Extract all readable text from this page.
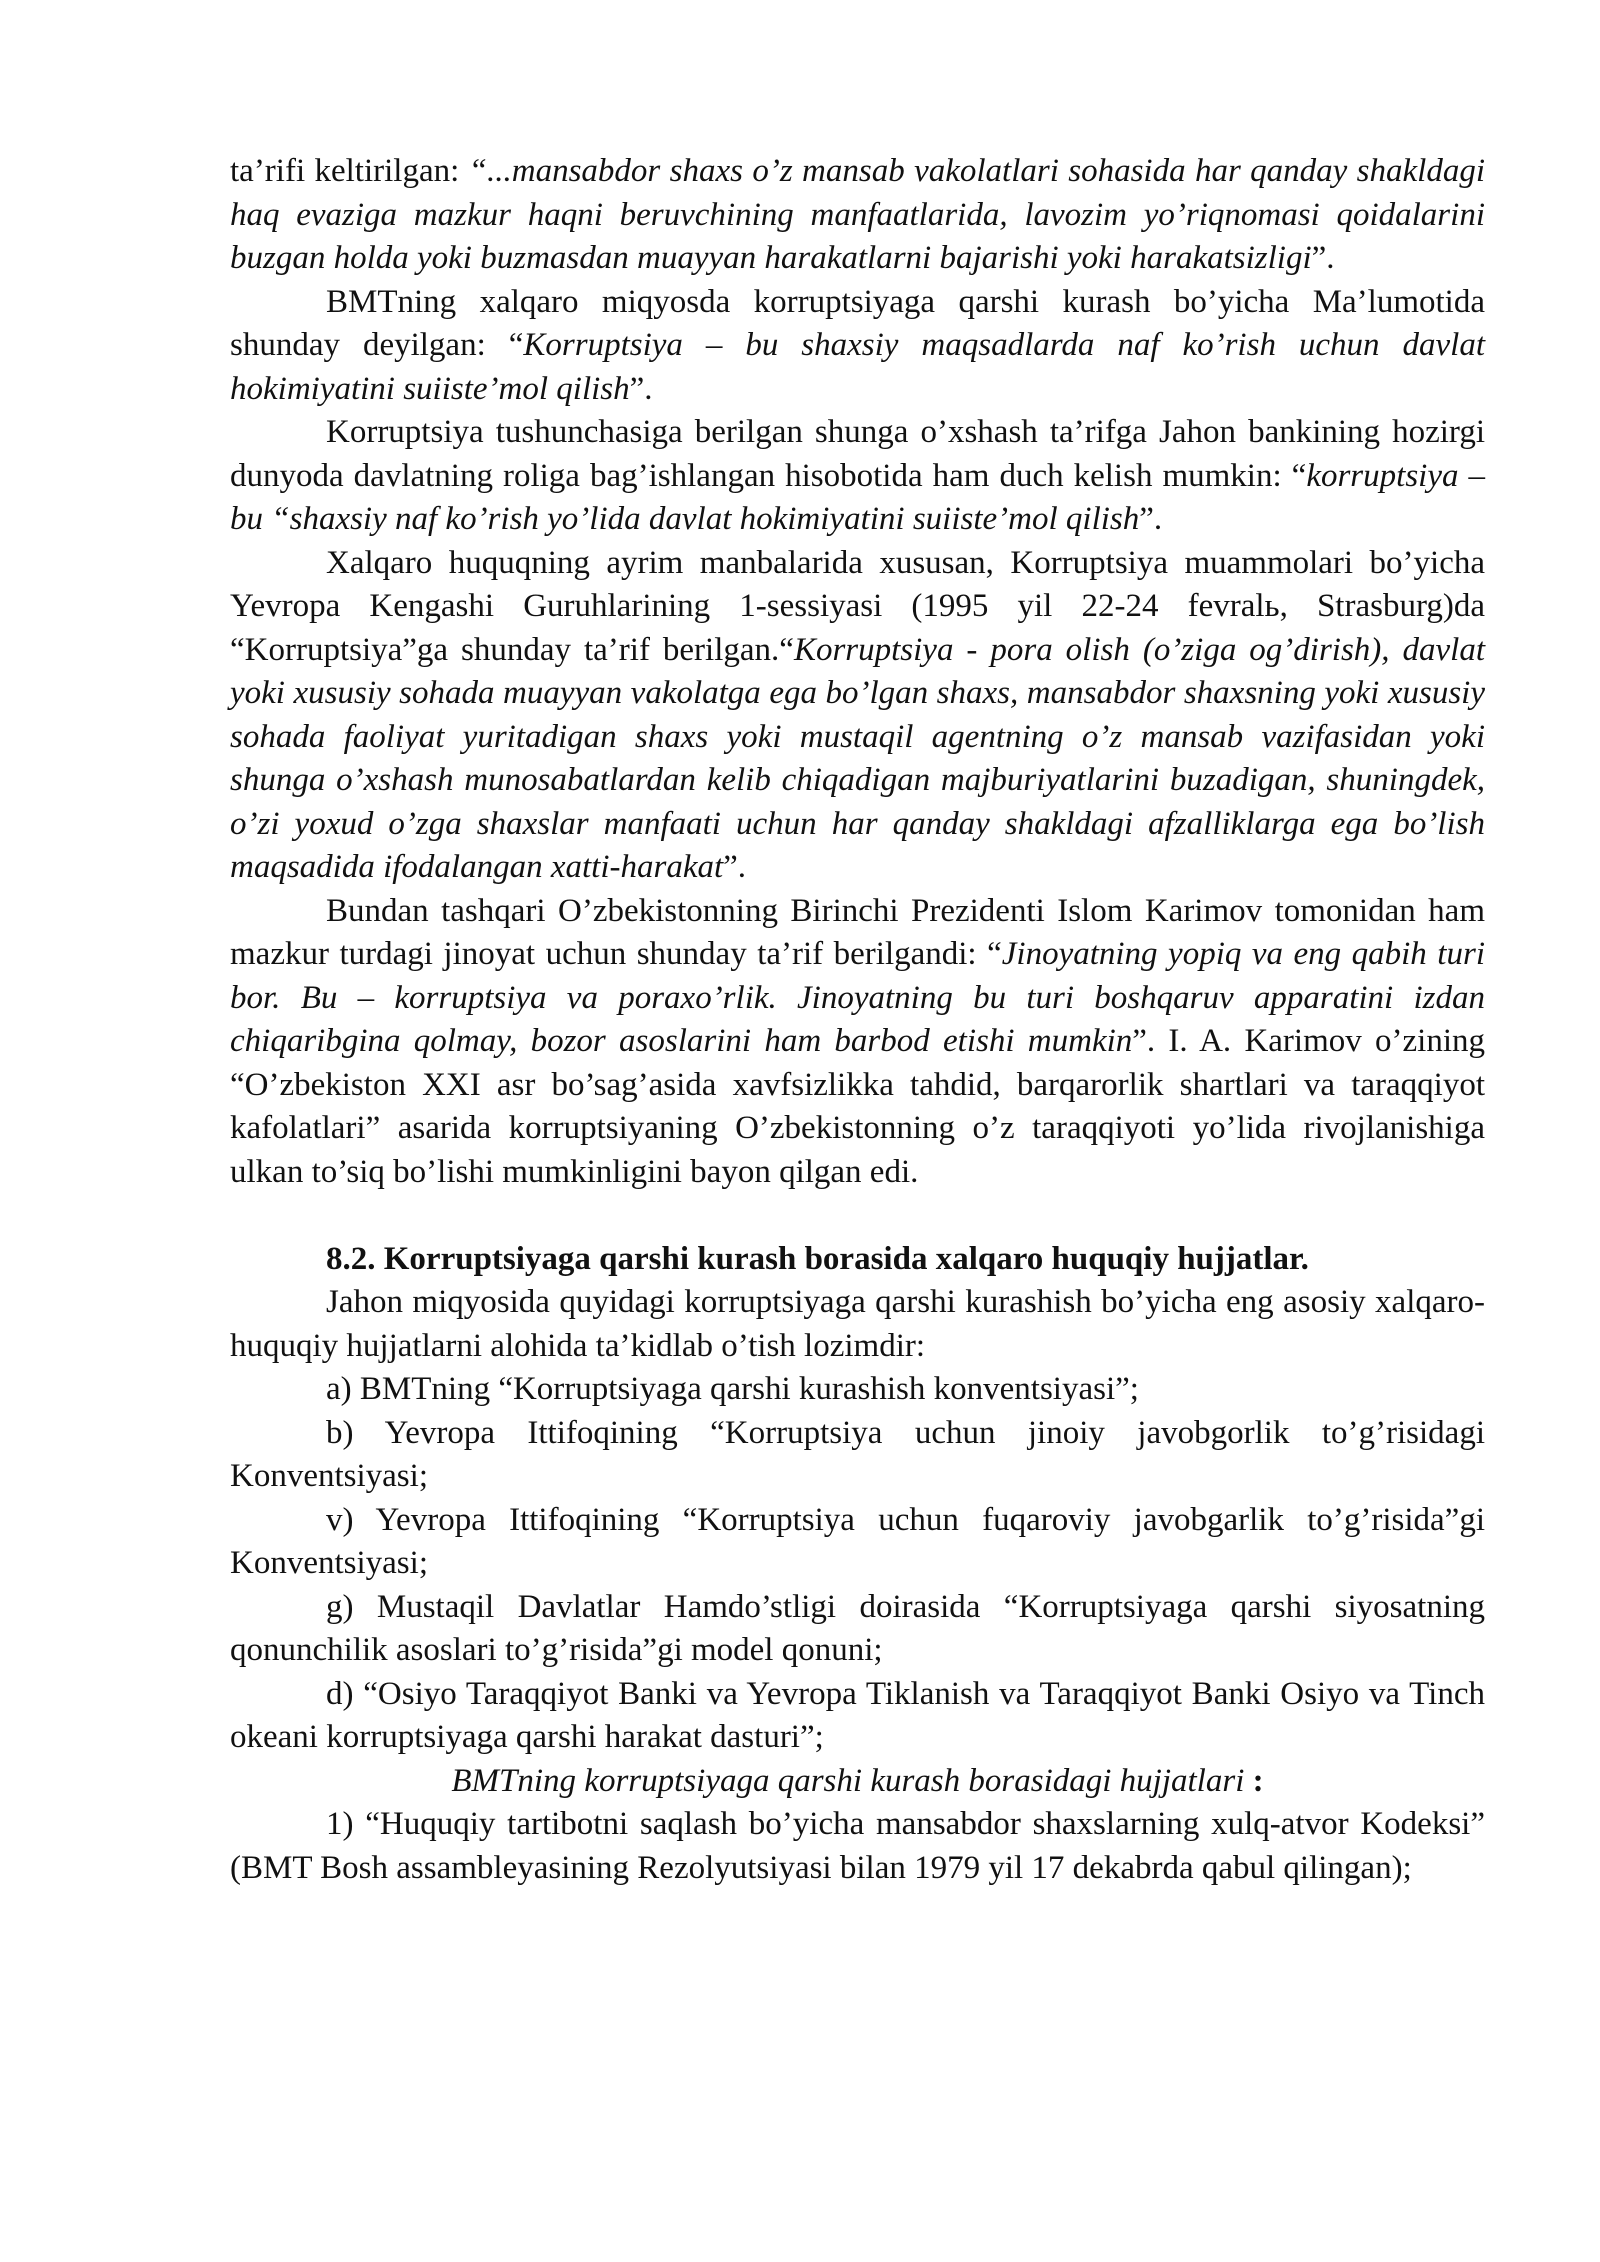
ta’rifi keltirilgan: “...mansabdor shaxs o’z mansab vakolatlari sohasida har qanday shakldagi haq evaziga mazkur haqni beruvchining manfaatlarida, lavozim yo’riqnomasi qoidalarini buzgan holda yoki buzmasdan muayyan harakatlarni bajarishi yoki harakatsizligi”.

BMTning xalqaro miqyosda korruptsiyaga qarshi kurash bo’yicha Ma’lumotida shunday deyilgan: “Korruptsiya – bu shaxsiy maqsadlarda naf ko’rish uchun davlat hokimiyatini suiiste’mol qilish”.

Korruptsiya tushunchasiga berilgan shunga o’xshash ta’rifga Jahon bankining hozirgi dunyoda davlatning roliga bag’ishlangan hisobotida ham duch kelish mumkin: “korruptsiya – bu “shaxsiy naf ko’rish yo’lida davlat hokimiyatini suiiste’mol qilish”.

Xalqaro huquqning ayrim manbalarida xususan, Korruptsiya muammolari bo’yicha Yevropa Kengashi Guruhlarining 1-sessiyasi (1995 yil 22-24 fevralь, Strasburg)da “Korruptsiya”ga shunday ta’rif berilgan.“Korruptsiya - pora olish (o’ziga og’dirish), davlat yoki xususiy sohada muayyan vakolatga ega bo’lgan shaxs, mansabdor shaxsning yoki xususiy sohada faoliyat yuritadigan shaxs yoki mustaqil agentning o’z mansab vazifasidan yoki shunga o’xshash munosabatlardan kelib chiqadigan majburiyatlarini buzadigan, shuningdek, o’zi yoxud o’zga shaxslar manfaati uchun har qanday shakldagi afzalliklarga ega bo’lish maqsadida ifodalangan xatti-harakat”.

Bundan tashqari O’zbekistonning Birinchi Prezidenti Islom Karimov tomonidan ham mazkur turdagi jinoyat uchun shunday ta’rif berilgandi: “Jinoyatning yopiq va eng qabih turi bor. Bu – korruptsiya va poraxo’rlik. Jinoyatning bu turi boshqaruv apparatini izdan chiqaribgina qolmay, bozor asoslarini ham barbod etishi mumkin”. I. A. Karimov o’zining “O’zbekiston XXI asr bo’sag’asida xavfsizlikka tahdid, barqarorlik shartlari va taraqqiyot kafolatlari” asarida korruptsiyaning O’zbekistonning o’z taraqqiyoti yo’lida rivojlanishiga ulkan to’siq bo’lishi mumkinligini bayon qilgan edi.

8.2. Korruptsiyaga qarshi kurash borasida xalqaro huquqiy hujjatlar.

Jahon miqyosida quyidagi korruptsiyaga qarshi kurashish bo’yicha eng asosiy xalqaro-huquqiy hujjatlarni alohida ta’kidlab o’tish lozimdir:

a) BMTning “Korruptsiyaga qarshi kurashish konventsiyasi”;

b) Yevropa Ittifoqining “Korruptsiya uchun jinoiy javobgorlik to’g’risidagi Konventsiyasi;

v) Yevropa Ittifoqining “Korruptsiya uchun fuqaroviy javobgarlik to’g’risida”gi Konventsiyasi;

g) Mustaqil Davlatlar Hamdo’stligi doirasida “Korruptsiyaga qarshi siyosatning qonunchilik asoslari to’g’risida”gi model qonuni;

d) “Osiyo Taraqqiyot Banki va Yevropa Tiklanish va Taraqqiyot Banki Osiyo va Tinch okeani korruptsiyaga qarshi harakat dasturi”;

BMTning korruptsiyaga qarshi kurash borasidagi hujjatlari :

1) “Huquqiy tartibotni saqlash bo’yicha mansabdor shaxslarning xulq-atvor Kodeksi” (BMT Bosh assambleyasining Rezolyutsiyasi bilan 1979 yil 17 dekabrda qabul qilingan);
